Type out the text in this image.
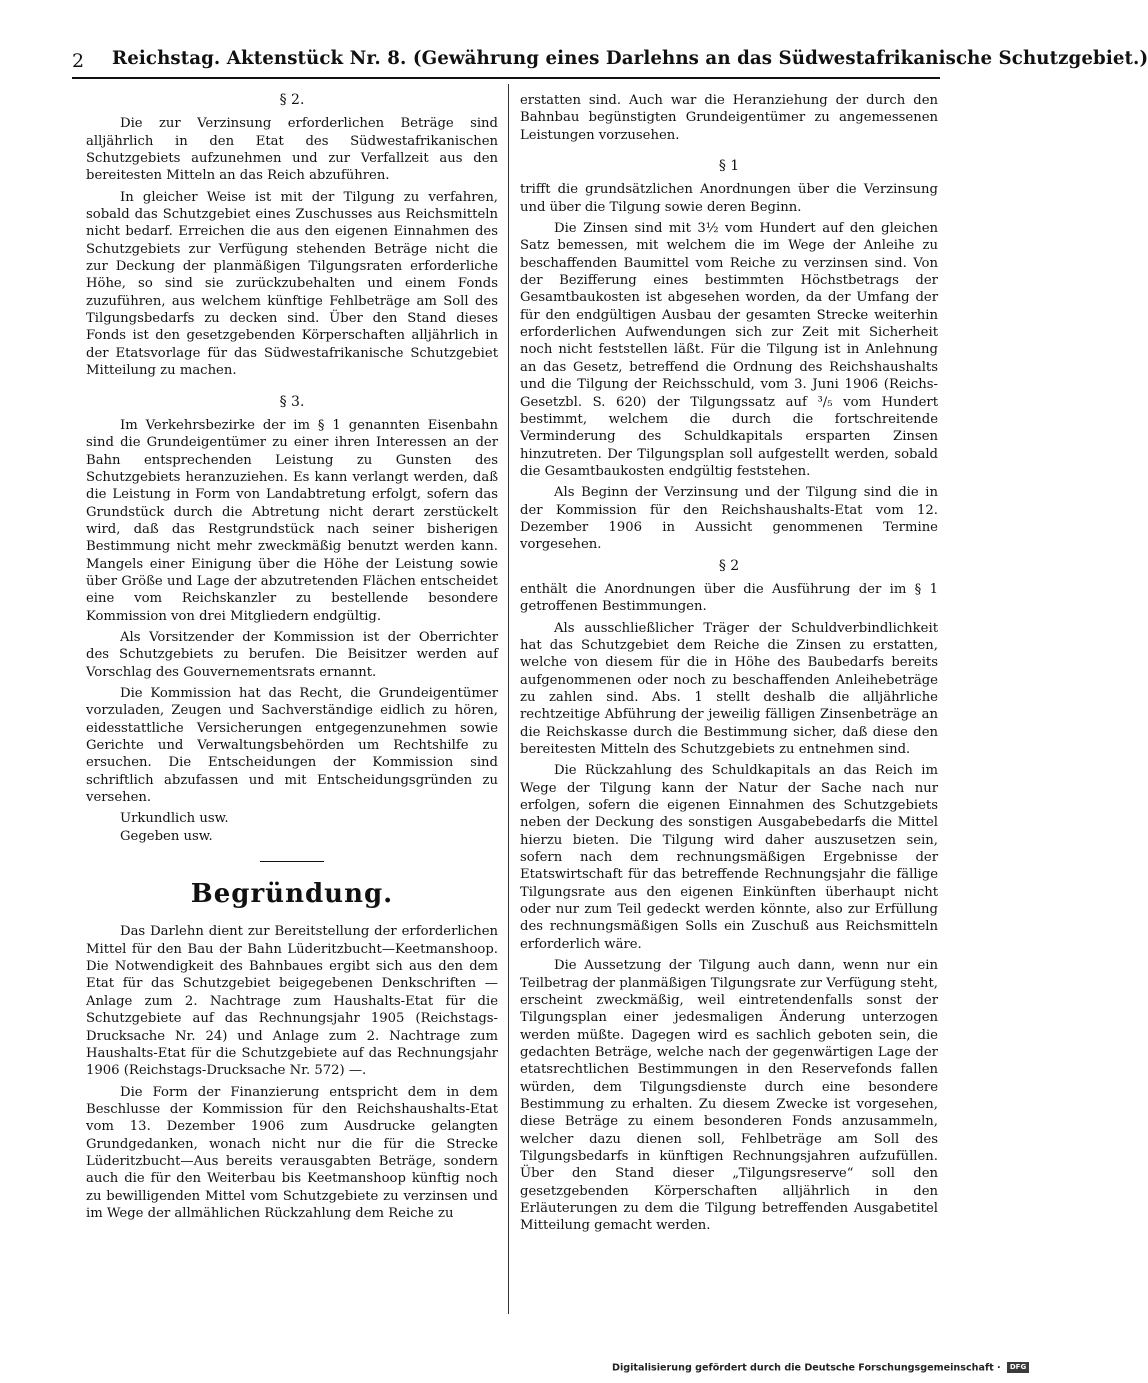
2 Reichstag. Aktenstück Nr. 8. (Gewährung eines Darlehns an das Südwestafrikanische Schutzgebiet.)
§ 2.

Die zur Verzinsung erforderlichen Beträge sind alljährlich in den Etat des Südwestafrikanischen Schutzgebiets aufzunehmen und zur Verfallzeit aus den bereitesten Mitteln an das Reich abzuführen.

In gleicher Weise ist mit der Tilgung zu verfahren, sobald das Schutzgebiet eines Zuschusses aus Reichsmitteln nicht bedarf. Erreichen die aus den eigenen Einnahmen des Schutzgebiets zur Verfügung stehenden Beträge nicht die zur Deckung der planmäßigen Tilgungsraten erforderliche Höhe, so sind sie zurückzubehalten und einem Fonds zuzuführen, aus welchem künftige Fehlbeträge am Soll des Tilgungsbedarfs zu decken sind. Über den Stand dieses Fonds ist den gesetzgebenden Körperschaften alljährlich in der Etatsvorlage für das Südwestafrikanische Schutzgebiet Mitteilung zu machen.

§ 3.

Im Verkehrsbezirke der im § 1 genannten Eisenbahn sind die Grundeigentümer zu einer ihren Interessen an der Bahn entsprechenden Leistung zu Gunsten des Schutzgebiets heranzuziehen. Es kann verlangt werden, daß die Leistung in Form von Landabtretung erfolgt, sofern das Grundstück durch die Abtretung nicht derart zerstückelt wird, daß das Restgrundstück nach seiner bisherigen Bestimmung nicht mehr zweckmäßig benutzt werden kann. Mangels einer Einigung über die Höhe der Leistung sowie über Größe und Lage der abzutretenden Flächen entscheidet eine vom Reichskanzler zu bestellende besondere Kommission von drei Mitgliedern endgültig.

Als Vorsitzender der Kommission ist der Oberrichter des Schutzgebiets zu berufen. Die Beisitzer werden auf Vorschlag des Gouvernementsrats ernannt.

Die Kommission hat das Recht, die Grundeigentümer vorzuladen, Zeugen und Sachverständige eidlich zu hören, eidesstattliche Versicherungen entgegenzunehmen sowie Gerichte und Verwaltungsbehörden um Rechtshilfe zu ersuchen. Die Entscheidungen der Kommission sind schriftlich abzufassen und mit Entscheidungsgründen zu versehen.

Urkundlich usw.

Gegeben usw.

Begründung.

Das Darlehn dient zur Bereitstellung der erforderlichen Mittel für den Bau der Bahn Lüderitzbucht—Keetmanshoop. Die Notwendigkeit des Bahnbaues ergibt sich aus den dem Etat für das Schutzgebiet beigegebenen Denkschriften — Anlage zum 2. Nachtrage zum Haushalts-Etat für die Schutzgebiete auf das Rechnungsjahr 1905 (Reichstags-Drucksache Nr. 24) und Anlage zum 2. Nachtrage zum Haushalts-Etat für die Schutzgebiete auf das Rechnungsjahr 1906 (Reichstags-Drucksache Nr. 572) —.

Die Form der Finanzierung entspricht dem in dem Beschlusse der Kommission für den Reichshaushalts-Etat vom 13. Dezember 1906 zum Ausdrucke gelangten Grundgedanken, wonach nicht nur die für die Strecke Lüderitzbucht—Aus bereits verausgabten Beträge, sondern auch die für den Weiterbau bis Keetmanshoop künftig noch zu bewilligenden Mittel vom Schutzgebiete zu verzinsen und im Wege der allmählichen Rückzahlung dem Reiche zu

erstatten sind. Auch war die Heranziehung der durch den Bahnbau begünstigten Grundeigentümer zu angemessenen Leistungen vorzusehen.

§ 1

trifft die grundsätzlichen Anordnungen über die Verzinsung und über die Tilgung sowie deren Beginn.

Die Zinsen sind mit 3½ vom Hundert auf den gleichen Satz bemessen, mit welchem die im Wege der Anleihe zu beschaffenden Baumittel vom Reiche zu verzinsen sind. Von der Bezifferung eines bestimmten Höchstbetrags der Gesamtbaukosten ist abgesehen worden, da der Umfang der für den endgültigen Ausbau der gesamten Strecke weiterhin erforderlichen Aufwendungen sich zur Zeit mit Sicherheit noch nicht feststellen läßt. Für die Tilgung ist in Anlehnung an das Gesetz, betreffend die Ordnung des Reichshaushalts und die Tilgung der Reichsschuld, vom 3. Juni 1906 (Reichs-Gesetzbl. S. 620) der Tilgungssatz auf ³/₅ vom Hundert bestimmt, welchem die durch die fortschreitende Verminderung des Schuldkapitals ersparten Zinsen hinzutreten. Der Tilgungsplan soll aufgestellt werden, sobald die Gesamtbaukosten endgültig feststehen.

Als Beginn der Verzinsung und der Tilgung sind die in der Kommission für den Reichshaushalts-Etat vom 12. Dezember 1906 in Aussicht genommenen Termine vorgesehen.

§ 2

enthält die Anordnungen über die Ausführung der im § 1 getroffenen Bestimmungen.

Als ausschließlicher Träger der Schuldverbindlichkeit hat das Schutzgebiet dem Reiche die Zinsen zu erstatten, welche von diesem für die in Höhe des Baubedarfs bereits aufgenommenen oder noch zu beschaffenden Anleihebeträge zu zahlen sind. Abs. 1 stellt deshalb die alljährliche rechtzeitige Abführung der jeweilig fälligen Zinsenbeträge an die Reichskasse durch die Bestimmung sicher, daß diese den bereitesten Mitteln des Schutzgebiets zu entnehmen sind.

Die Rückzahlung des Schuldkapitals an das Reich im Wege der Tilgung kann der Natur der Sache nach nur erfolgen, sofern die eigenen Einnahmen des Schutzgebiets neben der Deckung des sonstigen Ausgabebedarfs die Mittel hierzu bieten. Die Tilgung wird daher auszusetzen sein, sofern nach dem rechnungsmäßigen Ergebnisse der Etatswirtschaft für das betreffende Rechnungsjahr die fällige Tilgungsrate aus den eigenen Einkünften überhaupt nicht oder nur zum Teil gedeckt werden könnte, also zur Erfüllung des rechnungsmäßigen Solls ein Zuschuß aus Reichsmitteln erforderlich wäre.

Die Aussetzung der Tilgung auch dann, wenn nur ein Teilbetrag der planmäßigen Tilgungsrate zur Verfügung steht, erscheint zweckmäßig, weil eintretendenfalls sonst der Tilgungsplan einer jedesmaligen Änderung unterzogen werden müßte. Dagegen wird es sachlich geboten sein, die gedachten Beträge, welche nach der gegenwärtigen Lage der etatsrechtlichen Bestimmungen in den Reservefonds fallen würden, dem Tilgungsdienste durch eine besondere Bestimmung zu erhalten. Zu diesem Zwecke ist vorgesehen, diese Beträge zu einem besonderen Fonds anzusammeln, welcher dazu dienen soll, Fehlbeträge am Soll des Tilgungsbedarfs in künftigen Rechnungsjahren aufzufüllen. Über den Stand dieser „Tilgungsreserve“ soll den gesetzgebenden Körperschaften alljährlich in den Erläuterungen zu dem die Tilgung betreffenden Ausgabetitel Mitteilung gemacht werden.

Digitalisierung gefördert durch die Deutsche Forschungsgemeinschaft · DFG
